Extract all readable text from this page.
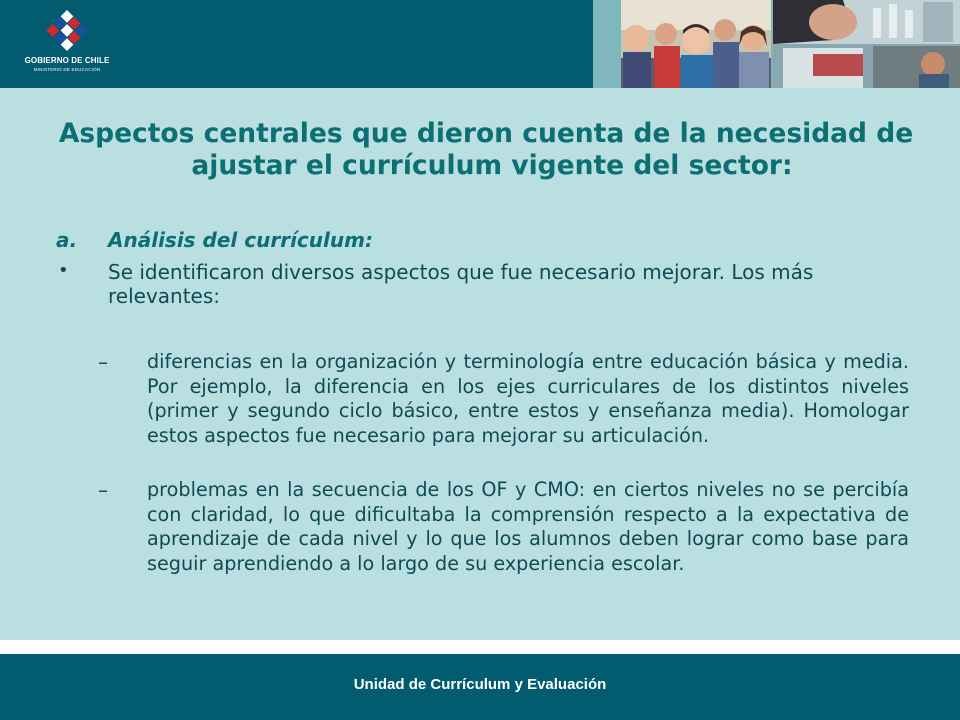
GOBIERNO DE CHILE
MINISTERIO DE EDUCACIÓN
Aspectos centrales que dieron cuenta de la necesidad de
ajustar el currículum vigente del sector:
a. Análisis del currículum:
• Se identificaron diversos aspectos que fue necesario mejorar. Los más relevantes:
– diferencias en la organización y terminología entre educación básica y media. Por ejemplo, la diferencia en los ejes curriculares de los distintos niveles (primer y segundo ciclo básico, entre estos y enseñanza media). Homologar estos aspectos fue necesario para mejorar su articulación.
– problemas en la secuencia de los OF y CMO: en ciertos niveles no se percibía con claridad, lo que dificultaba la comprensión respecto a la expectativa de aprendizaje de cada nivel y lo que los alumnos deben lograr como base para seguir aprendiendo a lo largo de su experiencia escolar.
Unidad de Currículum y Evaluación
